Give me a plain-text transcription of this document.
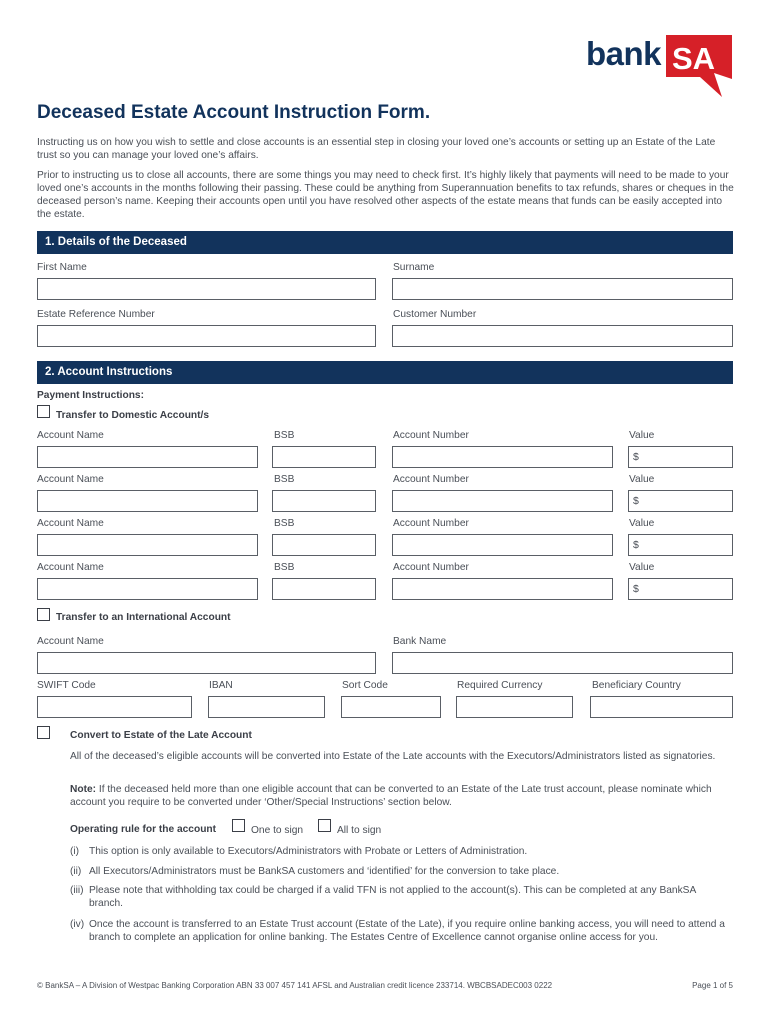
bank SA
Deceased Estate Account Instruction Form.
Instructing us on how you wish to settle and close accounts is an essential step in closing your loved one’s accounts or setting up an Estate of the Late trust so you can manage your loved one’s affairs.
Prior to instructing us to close all accounts, there are some things you may need to check first. It’s highly likely that payments will need to be made to your loved one’s accounts in the months following their passing. These could be anything from Superannuation benefits to tax refunds, shares or cheques in the deceased person’s name. Keeping their accounts open until you have resolved other aspects of the estate means that funds can be easily accepted into the estate.
1. Details of the Deceased
First Name	Surname
Estate Reference Number	Customer Number
2. Account Instructions
Payment Instructions:
Transfer to Domestic Account/s
Account Name	BSB	Account Number	Value
$
Account Name	BSB	Account Number	Value
$
Account Name	BSB	Account Number	Value
$
Account Name	BSB	Account Number	Value
$
Transfer to an International Account
Account Name	Bank Name
SWIFT Code	IBAN	Sort Code	Required Currency	Beneficiary Country
Convert to Estate of the Late Account
All of the deceased’s eligible accounts will be converted into Estate of the Late accounts with the Executors/Administrators listed as signatories.
Note: If the deceased held more than one eligible account that can be converted to an Estate of the Late trust account, please nominate which account you require to be converted under ‘Other/Special Instructions’ section below.
Operating rule for the account	One to sign	All to sign
(i) This option is only available to Executors/Administrators with Probate or Letters of Administration.
(ii) All Executors/Administrators must be BankSA customers and ‘identified’ for the conversion to take place.
(iii) Please note that withholding tax could be charged if a valid TFN is not applied to the account(s). This can be completed at any BankSA branch.
(iv) Once the account is transferred to an Estate Trust account (Estate of the Late), if you require online banking access, you will need to attend a branch to complete an application for online banking. The Estates Centre of Excellence cannot organise online access for you.
© BankSA – A Division of Westpac Banking Corporation ABN 33 007 457 141 AFSL and Australian credit licence 233714. WBCBSADEC003 0222	Page 1 of 5
